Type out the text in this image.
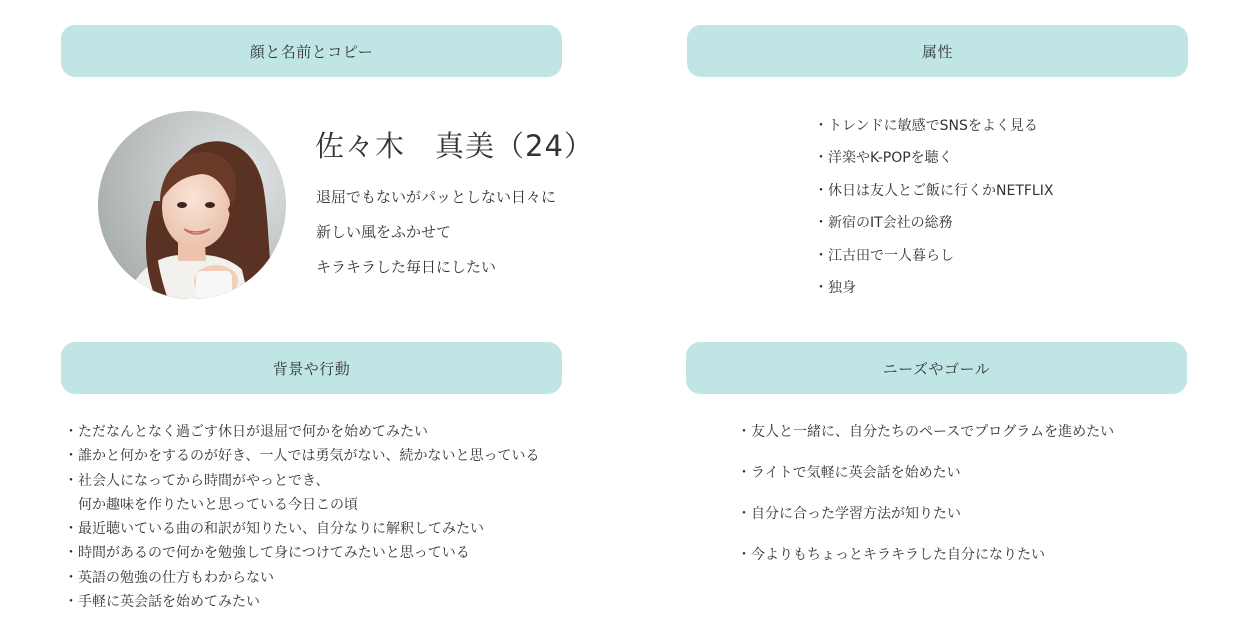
顔と名前とコピー	属性
背景や行動	ニーズやゴール
佐々木　真美（24）
退屈でもないがパッとしない日々に
新しい風をふかせて
キラキラした毎日にしたい
・ トレンドに敏感でSNSをよく見る
・ 洋楽やK-POPを聴く
・ 休日は友人とご飯に行くかNETFLIX
・ 新宿のIT会社の総務
・ 江古田で一人暮らし
・ 独身
・ ただなんとなく過ごす休日が退屈で何かを始めてみたい
・ 誰かと何かをするのが好き、一人では勇気がない、続かないと思っている
・ 社会人になってから時間がやっとでき、
何か趣味を作りたいと思っている今日この頃
・ 最近聴いている曲の和訳が知りたい、自分なりに解釈してみたい
・ 時間があるので何かを勉強して身につけてみたいと思っている
・ 英語の勉強の仕方もわからない
・ 手軽に英会話を始めてみたい
・ 友人と一緒に、自分たちのペースでプログラムを進めたい
・ ライトで気軽に英会話を始めたい
・ 自分に合った学習方法が知りたい
・ 今よりもちょっとキラキラした自分になりたい
